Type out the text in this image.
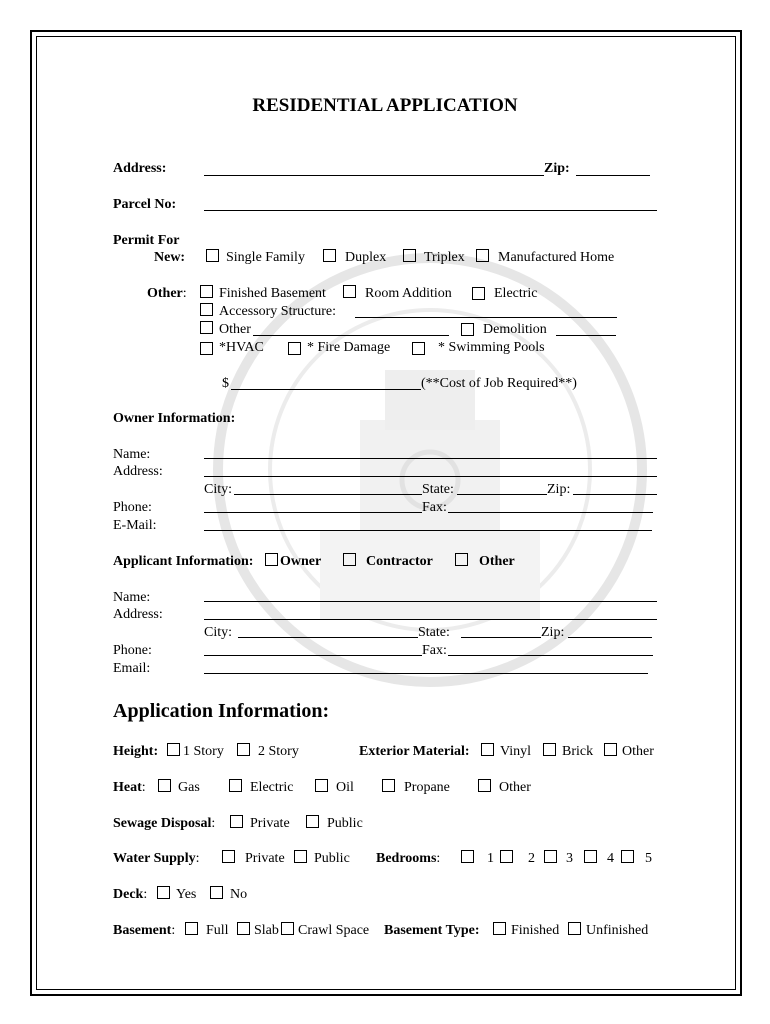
RESIDENTIAL APPLICATION
Address:	Zip:
Parcel No:
Permit For
New:	Single Family	Duplex	Triplex Manufactured Home
Other: Finished Basement	Room Addition	Electric
Accessory Structure:
Other	Demolition
*HVAC	* Fire Damage	* Swimming Pools
$	(**Cost of Job Required**)
Owner Information:
Name:
Address:
City:	State:	Zip:
Phone:	Fax:
E-Mail:
Applicant Information: Owner	Contractor	Other
Name:
Address:
City:	State:	Zip:
Phone:	Fax:
Email:
Application Information:
Height: 1 Story 2 Story	Exterior Material: Vinyl Brick Other
Heat: Gas	Electric	Oil	Propane	Other
Sewage Disposal: Private	Public
Water Supply:	Private Public Bedrooms:	1 2 3 4 5
Deck: Yes No
Basement: Full Slab Crawl Space Basement Type: Finished Unfinished
